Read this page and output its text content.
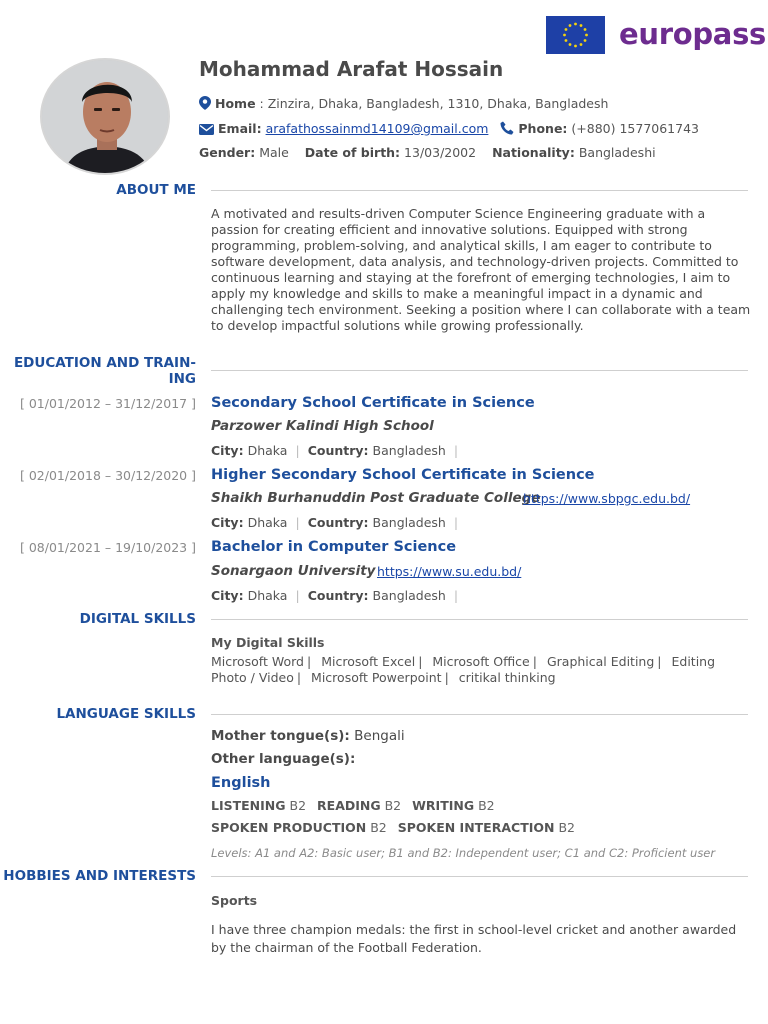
europass
Mohammad Arafat Hossain
Home : Zinzira, Dhaka, Bangladesh, 1310, Dhaka, Bangladesh
Email: arafathossainmd14109@gmail.com Phone: (+880) 1577061743
Gender: Male Date of birth: 13/03/2002 Nationality: Bangladeshi
ABOUT ME
A motivated and results-driven Computer Science Engineering graduate with a passion for creating efficient and innovative solutions. Equipped with strong programming, problem-solving, and analytical skills, I am eager to contribute to software development, data analysis, and technology-driven projects. Committed to continuous learning and staying at the forefront of emerging technologies, I aim to apply my knowledge and skills to make a meaningful impact in a dynamic and challenging tech environment. Seeking a position where I can collaborate with a team to develop impactful solutions while growing professionally.
EDUCATION AND TRAIN-
ING
[ 01/01/2012 – 31/12/2017 ] Secondary School Certificate in Science
Parzower Kalindi High School
City: Dhaka | Country: Bangladesh |
[ 02/01/2018 – 30/12/2020 ] Higher Secondary School Certificate in Science
Shaikh Burhanuddin Post Graduate College
https://www.sbpgc.edu.bd/
City: Dhaka | Country: Bangladesh |
[ 08/01/2021 – 19/10/2023 ] Bachelor in Computer Science
Sonargaon University https://www.su.edu.bd/
City: Dhaka | Country: Bangladesh |
DIGITAL SKILLS
My Digital Skills
Microsoft Word | Microsoft Excel | Microsoft Office | Graphical Editing | Editing Photo / Video | Microsoft Powerpoint | critikal thinking
LANGUAGE SKILLS
Mother tongue(s): Bengali
Other language(s):
English
LISTENING B2 READING B2 WRITING B2
SPOKEN PRODUCTION B2 SPOKEN INTERACTION B2
Levels: A1 and A2: Basic user; B1 and B2: Independent user; C1 and C2: Proficient user
HOBBIES AND INTERESTS
Sports
I have three champion medals: the first in school-level cricket and another awarded by the chairman of the Football Federation.
